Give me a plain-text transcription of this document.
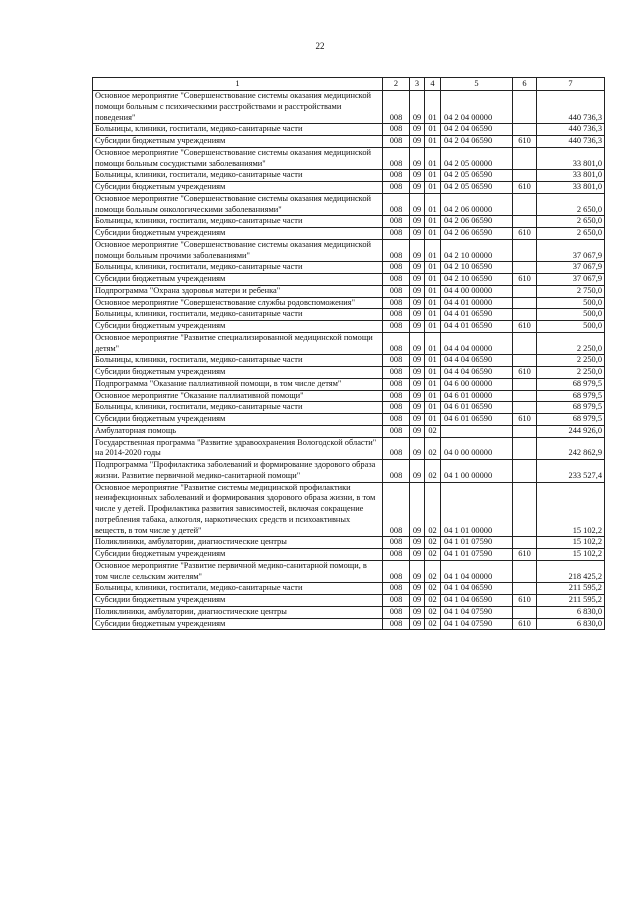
22
1	2	3	4	5	6	7
Основное мероприятие "Совершенствование системы оказания медицинской помощи больным с психическими расстройствами и расстройствами поведения"	008	09	01	04 2 04 00000		440 736,3
Больницы, клиники, госпитали, медико-санитарные части	008	09	01	04 2 04 06590		440 736,3
Субсидии бюджетным учреждениям	008	09	01	04 2 04 06590	610	440 736,3
Основное мероприятие "Совершенствование системы оказания медицинской помощи больным сосудистыми заболеваниями"	008	09	01	04 2 05 00000		33 801,0
Больницы, клиники, госпитали, медико-санитарные части	008	09	01	04 2 05 06590		33 801,0
Субсидии бюджетным учреждениям	008	09	01	04 2 05 06590	610	33 801,0
Основное мероприятие "Совершенствование системы оказания медицинской помощи больным онкологическими заболеваниями"	008	09	01	04 2 06 00000		2 650,0
Больницы, клиники, госпитали, медико-санитарные части	008	09	01	04 2 06 06590		2 650,0
Субсидии бюджетным учреждениям	008	09	01	04 2 06 06590	610	2 650,0
Основное мероприятие "Совершенствование системы оказания медицинской помощи больным прочими заболеваниями"	008	09	01	04 2 10 00000		37 067,9
Больницы, клиники, госпитали, медико-санитарные части	008	09	01	04 2 10 06590		37 067,9
Субсидии бюджетным учреждениям	008	09	01	04 2 10 06590	610	37 067,9
Подпрограмма "Охрана здоровья матери и ребенка"	008	09	01	04 4 00 00000		2 750,0
Основное мероприятие "Совершенствование службы родовспоможения"	008	09	01	04 4 01 00000		500,0
Больницы, клиники, госпитали, медико-санитарные части	008	09	01	04 4 01 06590		500,0
Субсидии бюджетным учреждениям	008	09	01	04 4 01 06590	610	500,0
Основное мероприятие "Развитие специализированной медицинской помощи детям"	008	09	01	04 4 04 00000		2 250,0
Больницы, клиники, госпитали, медико-санитарные части	008	09	01	04 4 04 06590		2 250,0
Субсидии бюджетным учреждениям	008	09	01	04 4 04 06590	610	2 250,0
Подпрограмма "Оказание паллиативной помощи, в том числе детям"	008	09	01	04 6 00 00000		68 979,5
Основное мероприятие "Оказание паллиативной помощи"	008	09	01	04 6 01 00000		68 979,5
Больницы, клиники, госпитали, медико-санитарные части	008	09	01	04 6 01 06590		68 979,5
Субсидии бюджетным учреждениям	008	09	01	04 6 01 06590	610	68 979,5
Амбулаторная помощь	008	09	02			244 926,0
Государственная программа "Развитие здравоохранения Вологодской области" на 2014-2020 годы	008	09	02	04 0 00 00000		242 862,9
Подпрограмма "Профилактика заболеваний и формирование здорового образа жизни. Развитие первичной медико-санитарной помощи"	008	09	02	04 1 00 00000		233 527,4
Основное мероприятие "Развитие системы медицинской профилактики неинфекционных заболеваний и формирования здорового образа жизни, в том числе у детей. Профилактика развития зависимостей, включая сокращение потребления табака, алкоголя, наркотических средств и психоактивных веществ, в том числе у детей"	008	09	02	04 1 01 00000		15 102,2
Поликлиники, амбулатории, диагностические центры	008	09	02	04 1 01 07590		15 102,2
Субсидии бюджетным учреждениям	008	09	02	04 1 01 07590	610	15 102,2
Основное мероприятие "Развитие первичной медико-санитарной помощи, в том числе сельским жителям"	008	09	02	04 1 04 00000		218 425,2
Больницы, клиники, госпитали, медико-санитарные части	008	09	02	04 1 04 06590		211 595,2
Субсидии бюджетным учреждениям	008	09	02	04 1 04 06590	610	211 595,2
Поликлиники, амбулатории, диагностические центры	008	09	02	04 1 04 07590		6 830,0
Субсидии бюджетным учреждениям	008	09	02	04 1 04 07590	610	6 830,0
